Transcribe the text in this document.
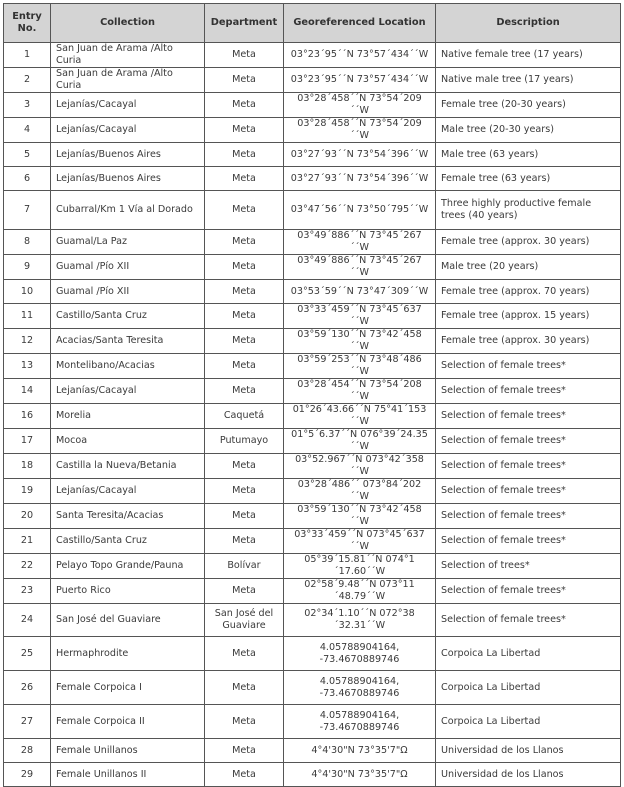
Entry No.	Collection	Department	Georeferenced Location	Description
1	San Juan de Arama /Alto Curia	Meta	03°23´95´´N 73°57´434´´W	Native female tree (17 years)
2	San Juan de Arama /Alto Curia	Meta	03°23´95´´N 73°57´434´´W	Native male tree (17 years)
3	Lejanías/Cacayal	Meta	03°28´458´´N 73°54´209´´W	Female tree (20-30 years)
4	Lejanías/Cacayal	Meta	03°28´458´´N 73°54´209´´W	Male tree (20-30 years)
5	Lejanías/Buenos Aires	Meta	03°27´93´´N 73°54´396´´W	Male tree (63 years)
6	Lejanías/Buenos Aires	Meta	03°27´93´´N 73°54´396´´W	Female tree (63 years)
7	Cubarral/Km 1 Vía al Dorado	Meta	03°47´56´´N 73°50´795´´W	Three highly productive female trees (40 years)
8	Guamal/La Paz	Meta	03°49´886´´N 73°45´267´´W	Female tree (approx. 30 years)
9	Guamal /Pío XII	Meta	03°49´886´´N 73°45´267´´W	Male tree (20 years)
10	Guamal /Pío XII	Meta	03°53´59´´N 73°47´309´´W	Female tree (approx. 70 years)
11	Castillo/Santa Cruz	Meta	03°33´459´´N 73°45´637´´W	Female tree (approx. 15 years)
12	Acacias/Santa Teresita	Meta	03°59´130´´N 73°42´458´´W	Female tree (approx. 30 years)
13	Montelibano/Acacias	Meta	03°59´253´´N 73°48´486´´W	Selection of female trees*
14	Lejanías/Cacayal	Meta	03°28´454´´N 73°54´208´´W	Selection of female trees*
16	Morelia	Caquetá	01°26´43.66´´N 75°41´153´´W	Selection of female trees*
17	Mocoa	Putumayo	01°5´6.37´´N 076°39´24.35´´W	Selection of female trees*
18	Castilla la Nueva/Betania	Meta	03°52.967´´N 073°42´358´´W	Selection of female trees*
19	Lejanías/Cacayal	Meta	03°28´486´´ 073°84´202´´W	Selection of female trees*
20	Santa Teresita/Acacias	Meta	03°59´130´´N 73°42´458´´W	Selection of female trees*
21	Castillo/Santa Cruz	Meta	03°33´459´´N 073°45´637´´W	Selection of female trees*
22	Pelayo Topo Grande/Pauna	Bolívar	05°39´15.81´´N 074°1´17.60´´W	Selection of trees*
23	Puerto Rico	Meta	02°58´9.48´´N 073°11´48.79´´W	Selection of female trees*
24	San José del Guaviare	San José del Guaviare	02°34´1.10´´N 072°38´32.31´´W	Selection of female trees*
25	Hermaphrodite	Meta	4.05788904164, -73.4670889746	Corpoica La Libertad
26	Female Corpoica I	Meta	4.05788904164, -73.4670889746	Corpoica La Libertad
27	Female Corpoica II	Meta	4.05788904164, -73.4670889746	Corpoica La Libertad
28	Female Unillanos	Meta	4°4'30"N 73°35'7"Ω	Universidad de los Llanos
29	Female Unillanos II	Meta	4°4'30"N 73°35'7"Ω	Universidad de los Llanos
